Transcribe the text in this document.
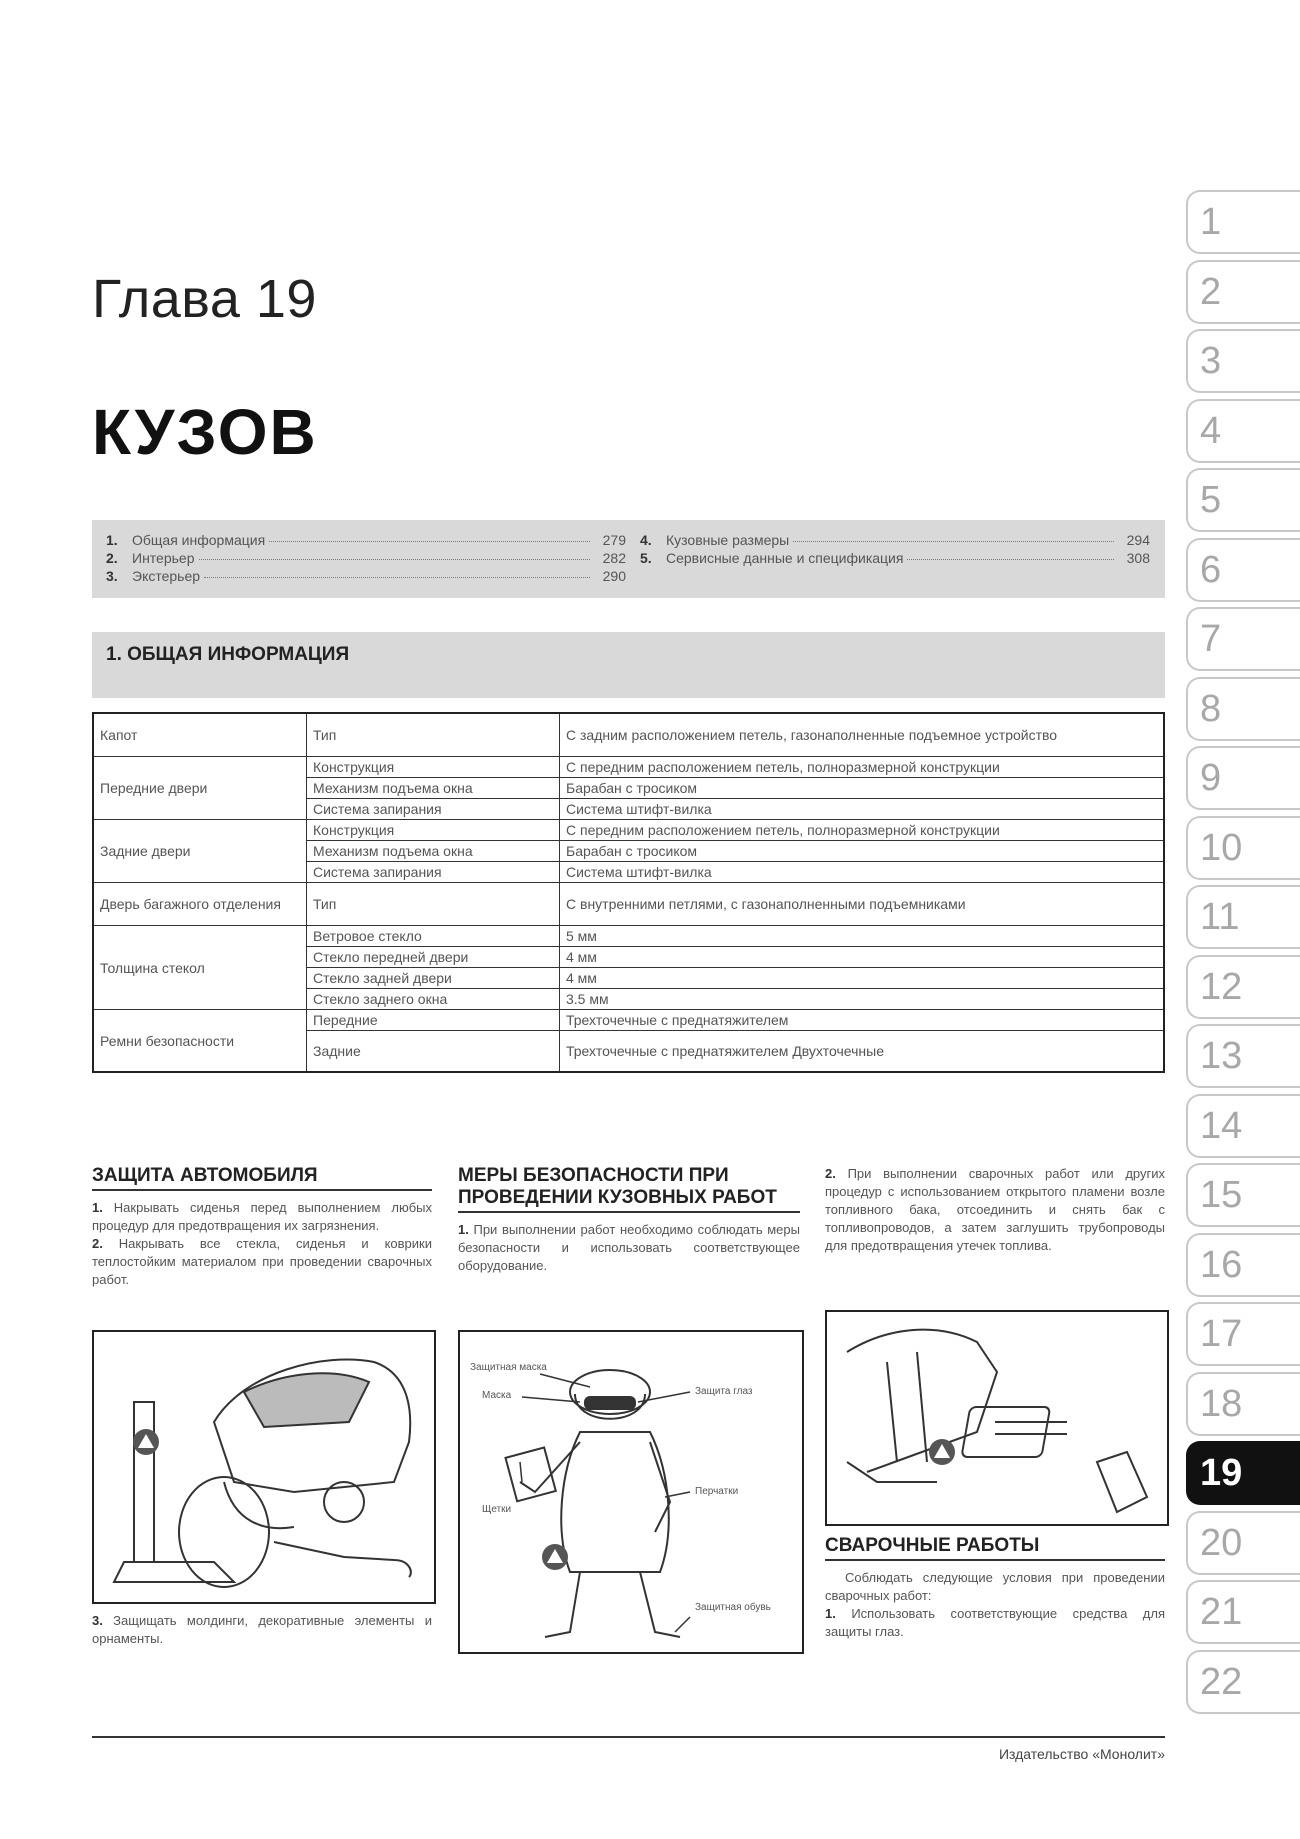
Глава 19
КУЗОВ
1.	Общая информация	279
2.	Интерьер	282
3.	Экстерьер	290
4.	Кузовные размеры	294
5.	Сервисные данные и спецификация	308
1. ОБЩАЯ ИНФОРМАЦИЯ
Капот	Тип	С задним расположением петель, газонаполненные подъемное устройство
Передние двери	Конструкция	С передним расположением петель, полноразмерной конструкции
	Механизм подъема окна	Барабан с тросиком
	Система запирания	Система штифт-вилка
Задние двери	Конструкция	С передним расположением петель, полноразмерной конструкции
	Механизм подъема окна	Барабан с тросиком
	Система запирания	Система штифт-вилка
Дверь багажного отделения	Тип	С внутренними петлями, с газонаполненными подъемниками
Толщина стекол	Ветровое стекло	5 мм
	Стекло передней двери	4 мм
	Стекло задней двери	4 мм
	Стекло заднего окна	3.5 мм
Ремни безопасности	Передние	Трехточечные с преднатяжителем
	Задние	Трехточечные с преднатяжителем Двухточечные
ЗАЩИТА АВТОМОБИЛЯ
1. Накрывать сиденья перед выполнением любых процедур для предотвращения их загрязнения.
2. Накрывать все стекла, сиденья и коврики теплостойким материалом при проведении сварочных работ.
3. Защищать молдинги, декоративные элементы и орнаменты.
МЕРЫ БЕЗОПАСНОСТИ ПРИ ПРОВЕДЕНИИ КУЗОВНЫХ РАБОТ
1. При выполнении работ необходимо соблюдать меры безопасности и использовать соответствующее оборудование.
Защитная маска
Маска	Защита глаз
Щетки
Перчатки
Защитная обувь
2. При выполнении сварочных работ или других процедур с использованием открытого пламени возле топливного бака, отсоединить и снять бак с топливопроводов, а затем заглушить трубопроводы для предотвращения утечек топлива.
СВАРОЧНЫЕ РАБОТЫ
Соблюдать следующие условия при проведении сварочных работ:
1. Использовать соответствующие средства для защиты глаз.
1
2
3
4
5
6
7
8
9
10
11
12
13
14
15
16
17
18
19
20
21
22
Издательство «Монолит»
